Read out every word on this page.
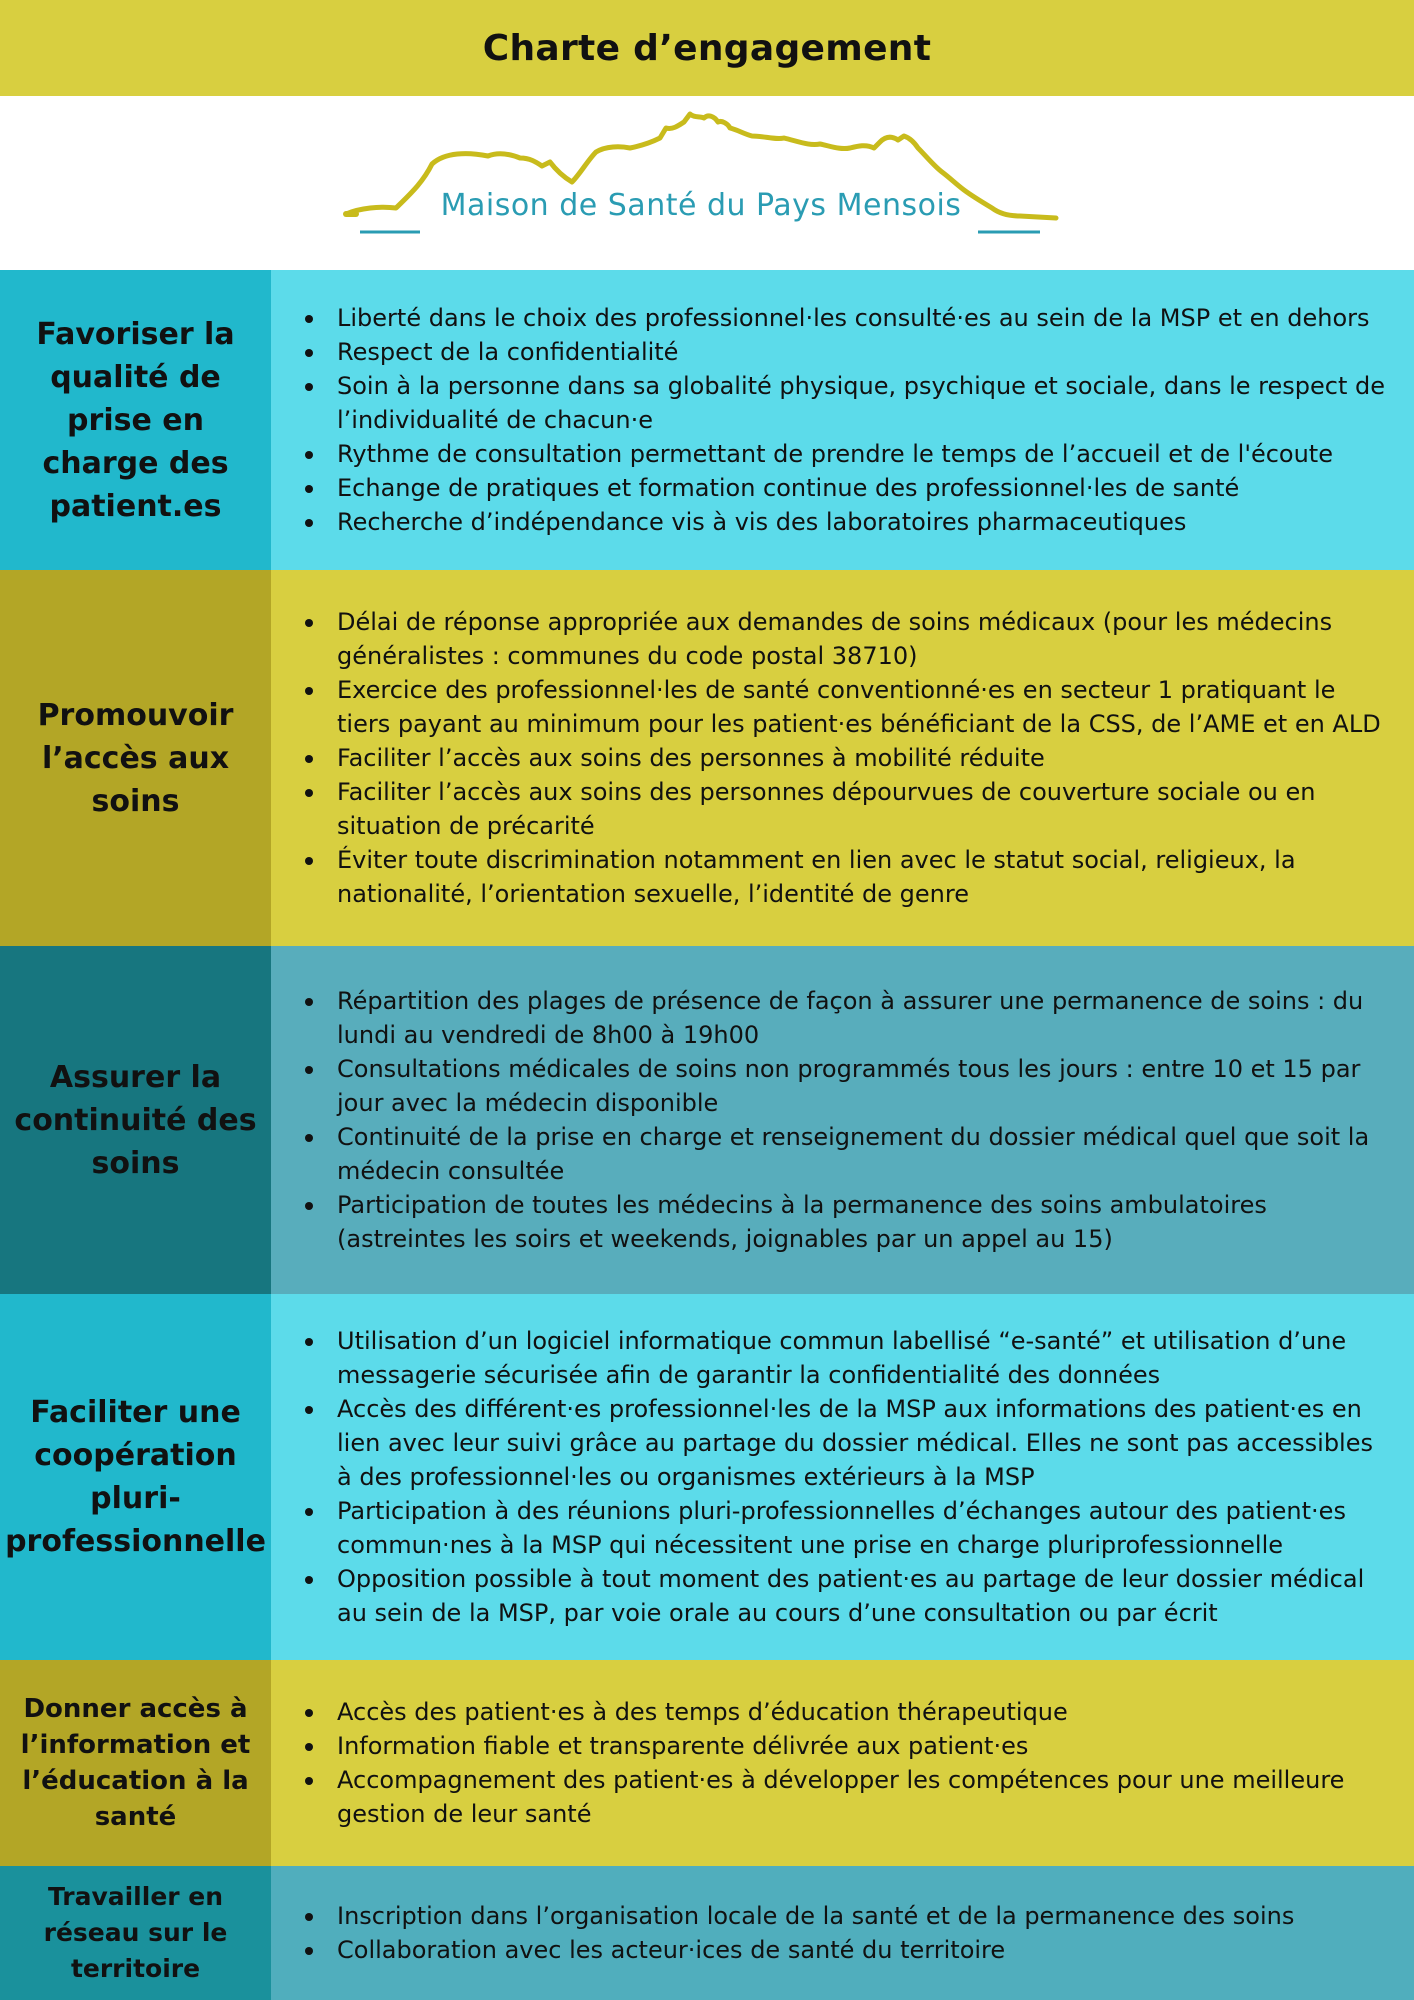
Charte d’engagement
Maison de Santé du Pays Mensois
Favoriser la qualité de prise en charge des patient.es
Liberté dans le choix des professionnel·les consulté·es au sein de la MSP et en dehors
Respect de la confidentialité
Soin à la personne dans sa globalité physique, psychique et sociale, dans le respect de l’individualité de chacun·e
Rythme de consultation permettant de prendre le temps de l’accueil et de l'écoute
Echange de pratiques et formation continue des professionnel·les de santé
Recherche d’indépendance vis à vis des laboratoires pharmaceutiques
Promouvoir l’accès aux soins
Délai de réponse appropriée aux demandes de soins médicaux (pour les médecins généralistes : communes du code postal 38710)
Exercice des professionnel·les de santé conventionné·es en secteur 1 pratiquant le tiers payant au minimum pour les patient·es bénéficiant de la CSS, de l’AME et en ALD
Faciliter l’accès aux soins des personnes à mobilité réduite
Faciliter l’accès aux soins des personnes dépourvues de couverture sociale ou en situation de précarité
Éviter toute discrimination notamment en lien avec le statut social, religieux, la nationalité, l’orientation sexuelle, l’identité de genre
Assurer la continuité des soins
Répartition des plages de présence de façon à assurer une permanence de soins : du lundi au vendredi de 8h00 à 19h00
Consultations médicales de soins non programmés tous les jours : entre 10 et 15 par jour avec la médecin disponible
Continuité de la prise en charge et renseignement du dossier médical quel que soit la médecin consultée
Participation de toutes les médecins à la permanence des soins ambulatoires (astreintes les soirs et weekends, joignables par un appel au 15)
Faciliter une coopération pluri-professionnelle
Utilisation d’un logiciel informatique commun labellisé “e-santé” et utilisation d’une messagerie sécurisée afin de garantir la confidentialité des données
Accès des différent·es professionnel·les de la MSP aux informations des patient·es en lien avec leur suivi grâce au partage du dossier médical. Elles ne sont pas accessibles à des professionnel·les ou organismes extérieurs à la MSP
Participation à des réunions pluri-professionnelles d’échanges autour des patient·es commun·nes à la MSP qui nécessitent une prise en charge pluriprofessionnelle
Opposition possible à tout moment des patient·es au partage de leur dossier médical au sein de la MSP, par voie orale au cours d’une consultation ou par écrit
Donner accès à l’information et l’éducation à la santé
Accès des patient·es à des temps d’éducation thérapeutique
Information fiable et transparente délivrée aux patient·es
Accompagnement des patient·es à développer les compétences pour une meilleure gestion de leur santé
Travailler en réseau sur le territoire
Inscription dans l’organisation locale de la santé et de la permanence des soins
Collaboration avec les acteur·ices de santé du territoire
